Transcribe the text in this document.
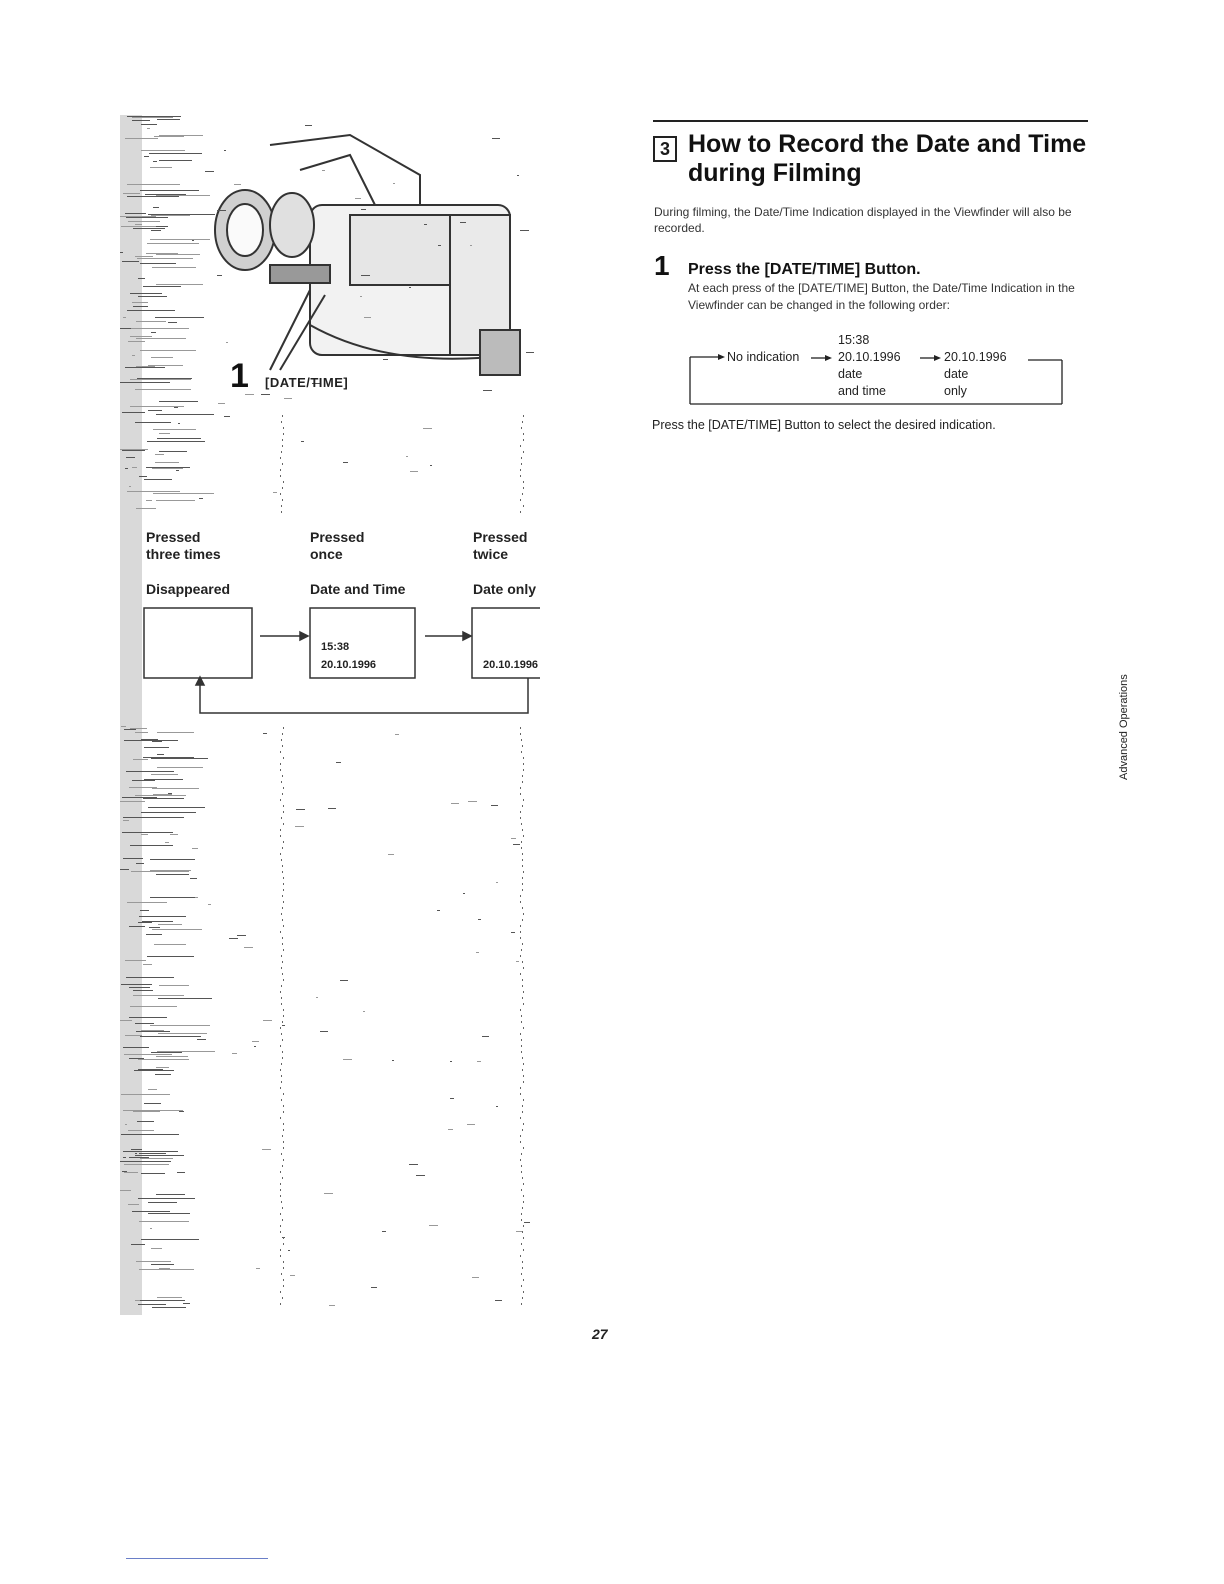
1 [DATE/TIME]
Pressed
three times
Pressed
once
Pressed
twice
Disappeared	Date and Time	Date only
15:38
20.10.1996	20.10.1996
3 How to Record the Date and Time during Filming
During filming, the Date/Time Indication displayed in the Viewfinder will also be recorded.
1 Press the [DATE/TIME] Button.
At each press of the [DATE/TIME] Button, the Date/Time Indication in the Viewfinder can be changed in the following order:
No indication
15:38
20.10.1996
date
and time
20.10.1996
date
only
Press the [DATE/TIME] Button to select the desired indication.
Advanced Operations
27
